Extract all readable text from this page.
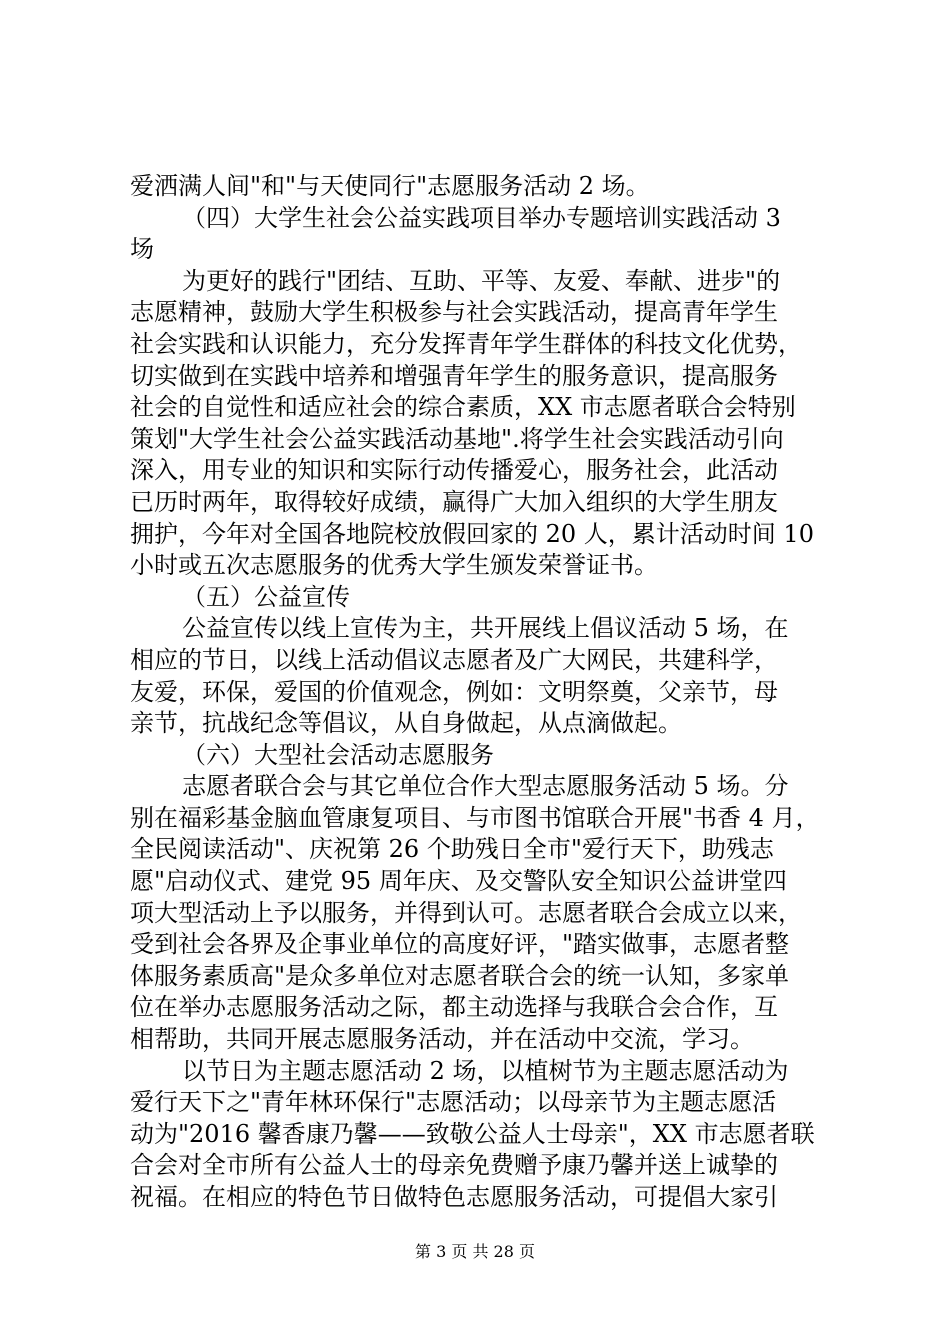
爱洒满人间"和"与天使同行"志愿服务活动 2 场。
（四）大学生社会公益实践项目举办专题培训实践活动 3
场
为更好的践行"团结、互助、平等、友爱、奉献、进步"的
志愿精神，鼓励大学生积极参与社会实践活动，提高青年学生
社会实践和认识能力，充分发挥青年学生群体的科技文化优势，
切实做到在实践中培养和增强青年学生的服务意识，提高服务
社会的自觉性和适应社会的综合素质，XX 市志愿者联合会特别
策划"大学生社会公益实践活动基地".将学生社会实践活动引向
深入，用专业的知识和实际行动传播爱心，服务社会，此活动
已历时两年，取得较好成绩，赢得广大加入组织的大学生朋友
拥护，今年对全国各地院校放假回家的 20 人，累计活动时间 10
小时或五次志愿服务的优秀大学生颁发荣誉证书。
（五）公益宣传
公益宣传以线上宣传为主，共开展线上倡议活动 5 场，在
相应的节日，以线上活动倡议志愿者及广大网民，共建科学，
友爱，环保，爱国的价值观念，例如：文明祭奠，父亲节，母
亲节，抗战纪念等倡议，从自身做起，从点滴做起。
（六）大型社会活动志愿服务
志愿者联合会与其它单位合作大型志愿服务活动 5 场。分
别在福彩基金脑血管康复项目、与市图书馆联合开展"书香 4 月，
全民阅读活动"、庆祝第 26 个助残日全市"爱行天下，助残志
愿"启动仪式、建党 95 周年庆、及交警队安全知识公益讲堂四
项大型活动上予以服务，并得到认可。志愿者联合会成立以来，
受到社会各界及企事业单位的高度好评，"踏实做事，志愿者整
体服务素质高"是众多单位对志愿者联合会的统一认知，多家单
位在举办志愿服务活动之际，都主动选择与我联合会合作，互
相帮助，共同开展志愿服务活动，并在活动中交流，学习。
以节日为主题志愿活动 2 场，以植树节为主题志愿活动为
爱行天下之"青年林环保行"志愿活动；以母亲节为主题志愿活
动为"2016 馨香康乃馨——致敬公益人士母亲"，XX 市志愿者联
合会对全市所有公益人士的母亲免费赠予康乃馨并送上诚挚的
祝福。在相应的特色节日做特色志愿服务活动，可提倡大家引
第 3 页 共 28 页
